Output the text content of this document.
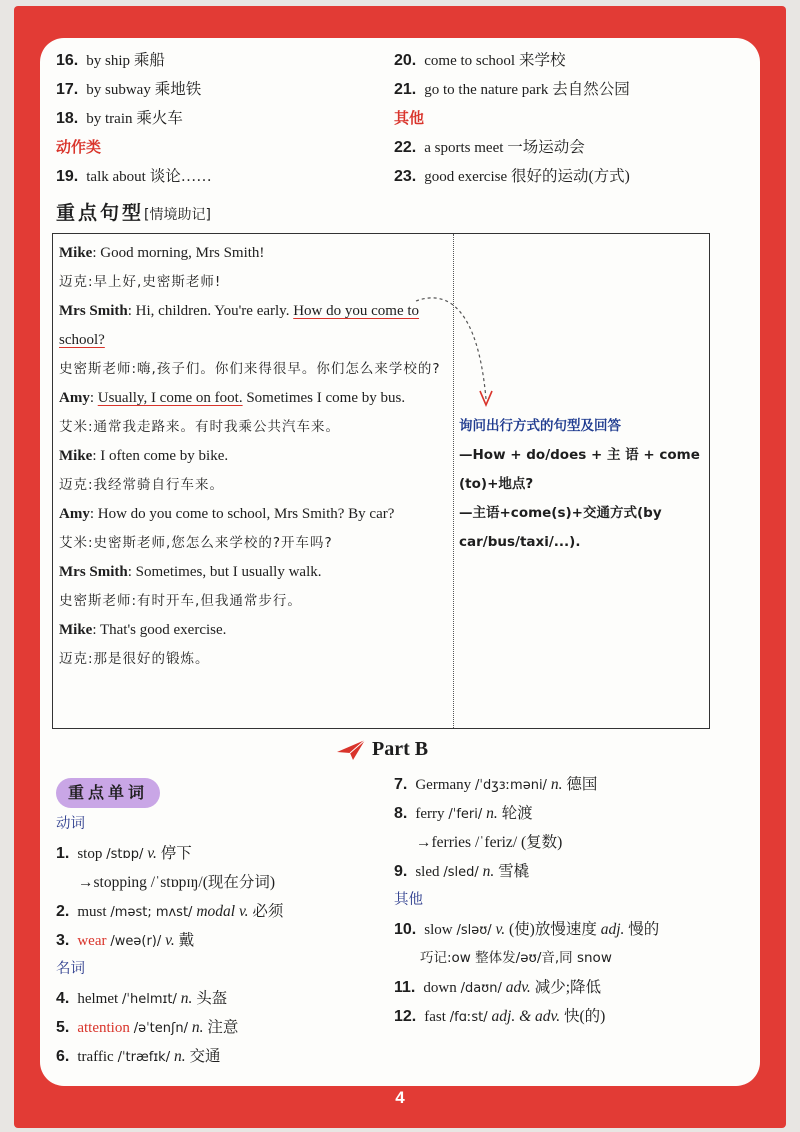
16. by ship 乘船
17. by subway 乘地铁
18. by train 乘火车
动作类
19. talk about 谈论……
20. come to school 来学校
21. go to the nature park 去自然公园
其他
22. a sports meet 一场运动会
23. good exercise 很好的运动(方式)
重点句型[情境助记]
Mike: Good morning, Mrs Smith!
迈克:早上好,史密斯老师!
Mrs Smith: Hi, children. You're early. How do you come to school?
史密斯老师:嗨,孩子们。你们来得很早。你们怎么来学校的?
Amy: Usually, I come on foot. Sometimes I come by bus.
艾米:通常我走路来。有时我乘公共汽车来。
Mike: I often come by bike.
迈克:我经常骑自行车来。
Amy: How do you come to school, Mrs Smith? By car?
艾米:史密斯老师,您怎么来学校的?开车吗?
Mrs Smith: Sometimes, but I usually walk.
史密斯老师:有时开车,但我通常步行。
Mike: That's good exercise.
迈克:那是很好的锻炼。
询问出行方式的句型及回答
—How + do/does + 主 语 + come
(to)+地点?
—主语+come(s)+交通方式(by
car/bus/taxi/...).
Part B
重点单词
动词
1. stop /stɒp/ v. 停下
→stopping /ˈstɒpɪŋ/(现在分词)
2. must /məst; mʌst/ modal v. 必须
3. wear /weə(r)/ v. 戴
名词
4. helmet /ˈhelmɪt/ n. 头盔
5. attention /əˈtenʃn/ n. 注意
6. traffic /ˈtræfɪk/ n. 交通
7. Germany /ˈdʒɜːməni/ n. 德国
8. ferry /ˈferi/ n. 轮渡
→ferries /ˈferiz/ (复数)
9. sled /sled/ n. 雪橇
其他
10. slow /sləʊ/ v. (使)放慢速度 adj. 慢的
巧记:ow 整体发/əʊ/音,同 snow
11. down /daʊn/ adv. 减少;降低
12. fast /fɑːst/ adj. & adv. 快(的)
4
